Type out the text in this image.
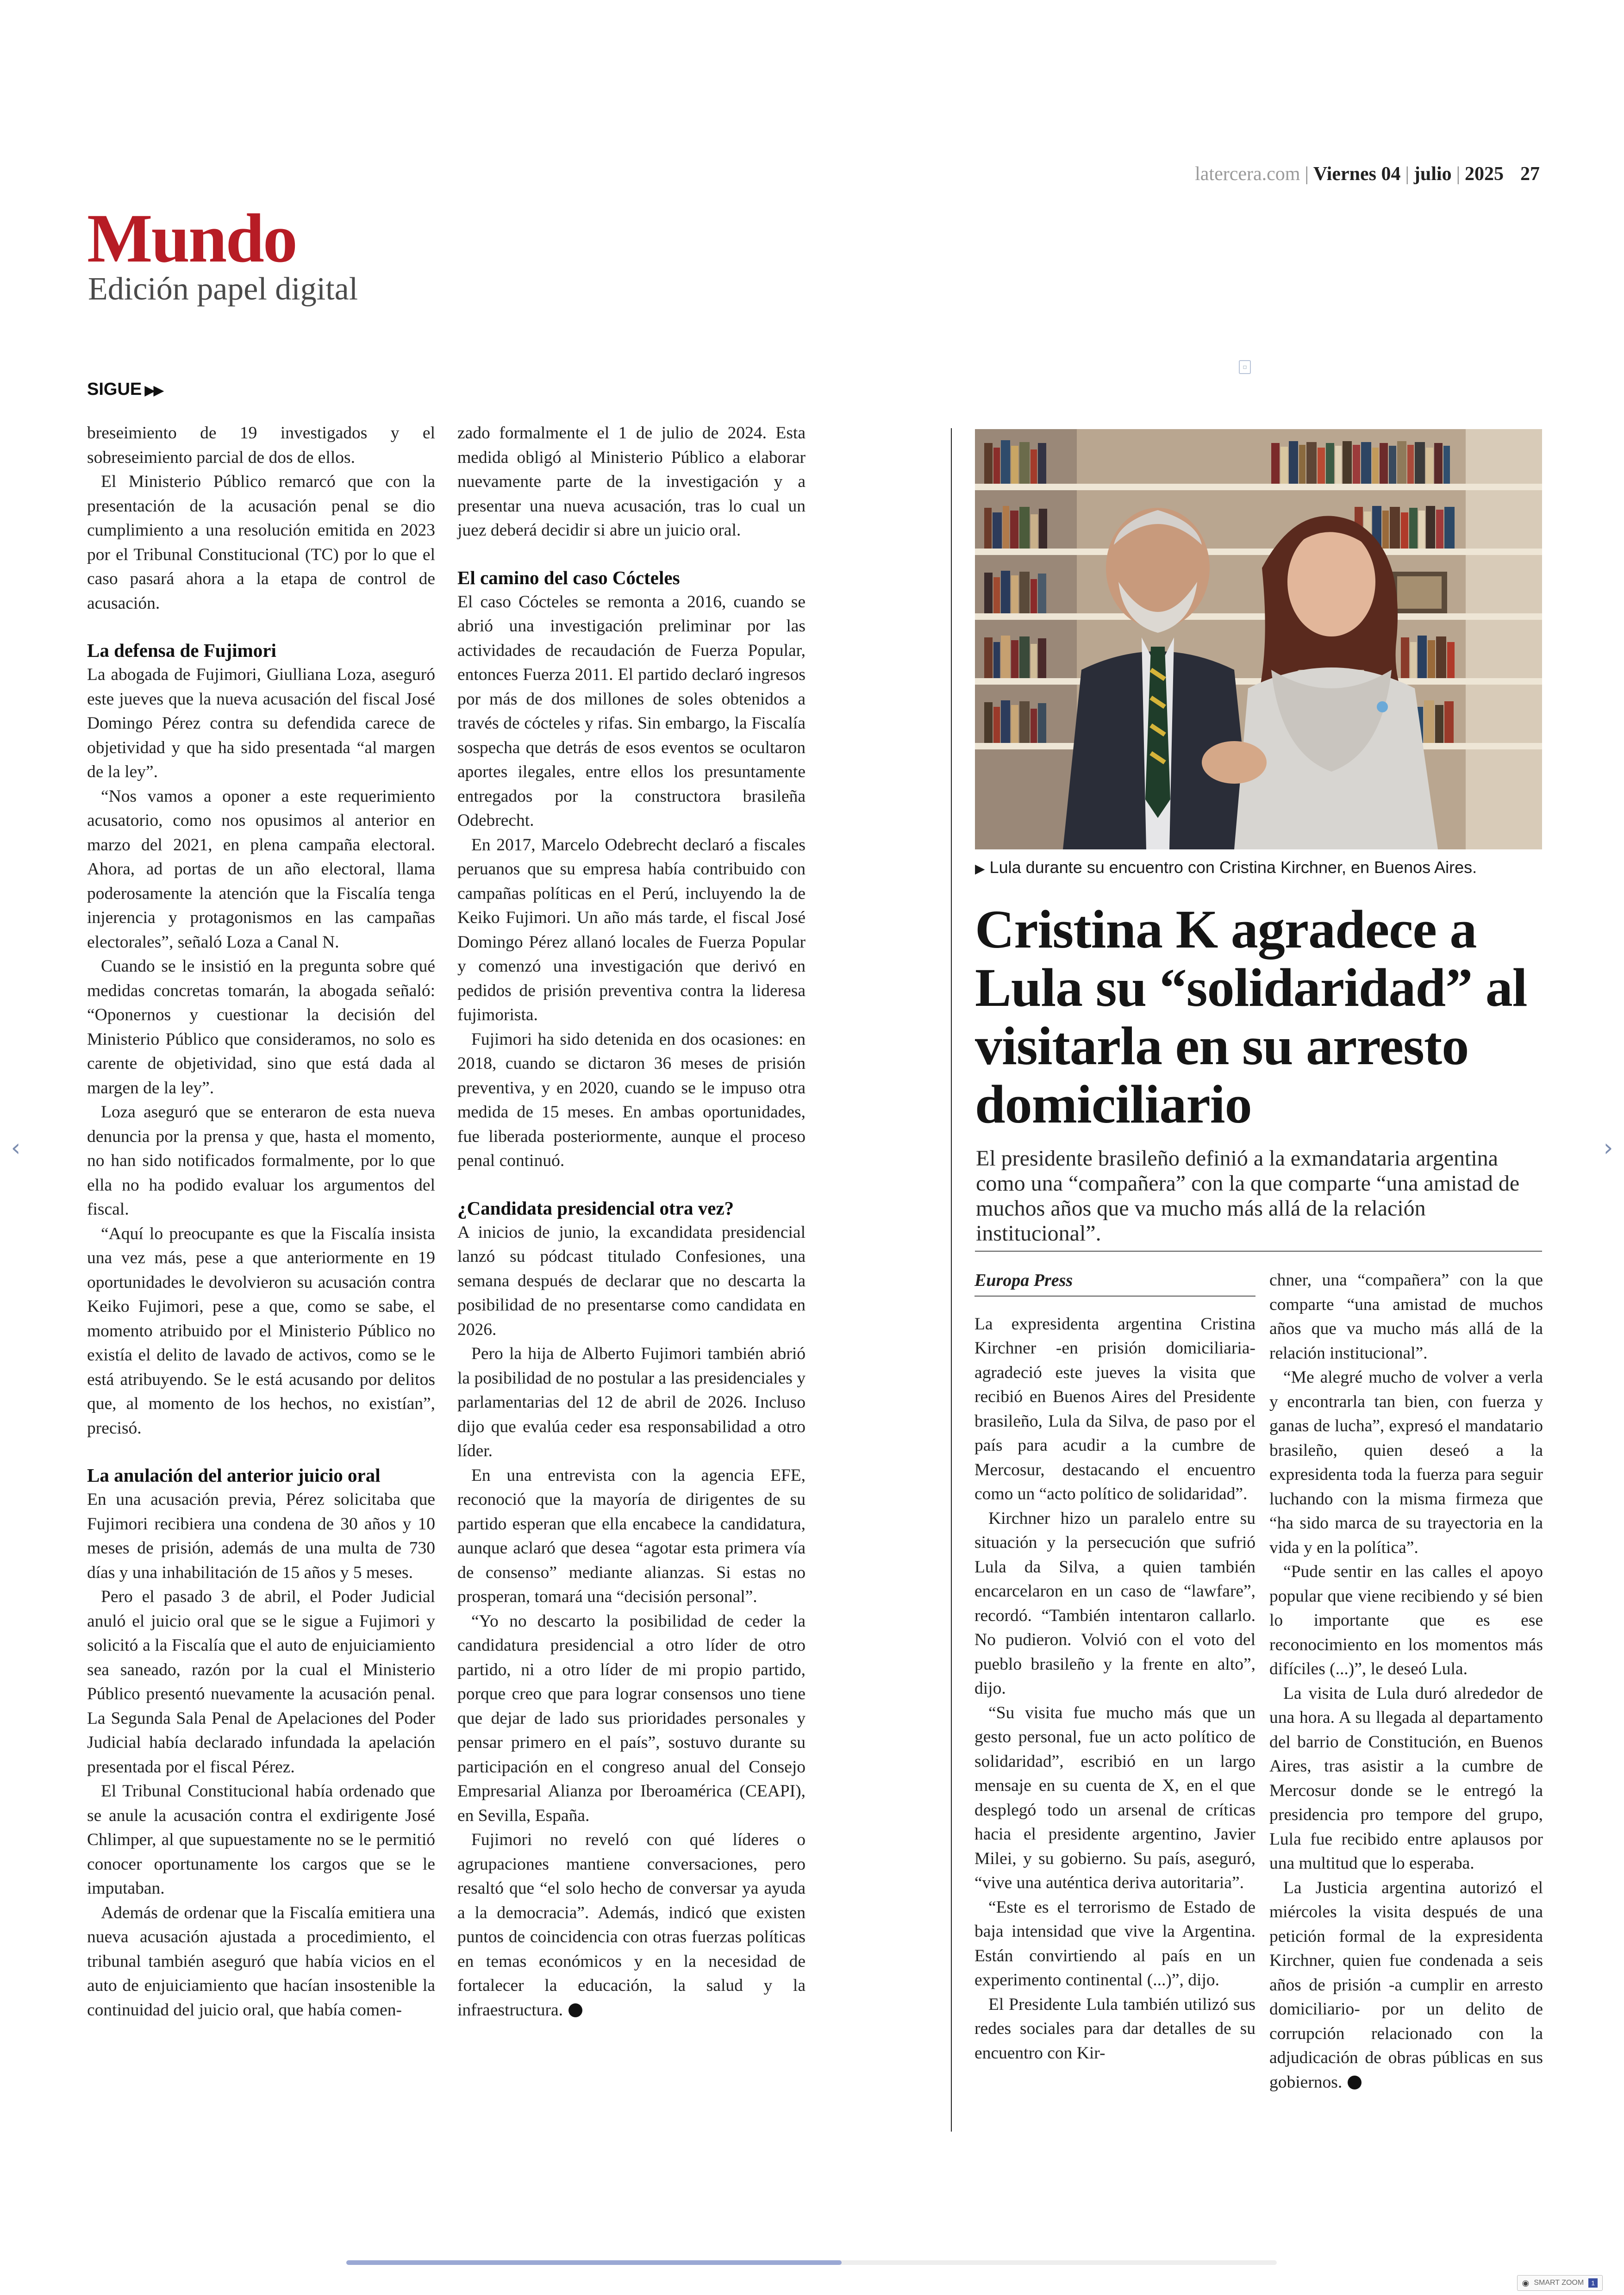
latercera.com | Viernes 04 | julio | 2025 27
Mundo
Edición papel digital
SIGUE ▶▶
▫

breseimiento de 19 investigados y el sobreseimiento parcial de dos de ellos.

El Ministerio Público remarcó que con la presentación de la acusación penal se dio cumplimiento a una resolución emitida en 2023 por el Tribunal Constitucional (TC) por lo que el caso pasará ahora a la etapa de control de acusación.

La defensa de Fujimori

La abogada de Fujimori, Giulliana Loza, aseguró este jueves que la nueva acusación del fiscal José Domingo Pérez contra su defendida carece de objetividad y que ha sido presentada “al margen de la ley”.

“Nos vamos a oponer a este requerimiento acusatorio, como nos opusimos al anterior en marzo del 2021, en plena campaña electoral. Ahora, ad portas de un año electoral, llama poderosamente la atención que la Fiscalía tenga injerencia y protagonismos en las campañas electorales”, señaló Loza a Canal N.

Cuando se le insistió en la pregunta sobre qué medidas concretas tomarán, la abogada señaló: “Oponernos y cuestionar la decisión del Ministerio Público que consideramos, no solo es carente de objetividad, sino que está dada al margen de la ley”.

Loza aseguró que se enteraron de esta nueva denuncia por la prensa y que, hasta el momento, no han sido notificados formalmente, por lo que ella no ha podido evaluar los argumentos del fiscal.

“Aquí lo preocupante es que la Fiscalía insista una vez más, pese a que anteriormente en 19 oportunidades le devolvieron su acusación contra Keiko Fujimori, pese a que, como se sabe, el momento atribuido por el Ministerio Público no existía el delito de lavado de activos, como se le está atribuyendo. Se le está acusando por delitos que, al momento de los hechos, no existían”, precisó.

La anulación del anterior juicio oral

En una acusación previa, Pérez solicitaba que Fujimori recibiera una condena de 30 años y 10 meses de prisión, además de una multa de 730 días y una inhabilitación de 15 años y 5 meses.

Pero el pasado 3 de abril, el Poder Judicial anuló el juicio oral que se le sigue a Fujimori y solicitó a la Fiscalía que el auto de enjuiciamiento sea saneado, razón por la cual el Ministerio Público presentó nuevamente la acusación penal. La Segunda Sala Penal de Apelaciones del Poder Judicial había declarado infundada la apelación presentada por el fiscal Pérez.

El Tribunal Constitucional había ordenado que se anule la acusación contra el exdirigente José Chlimper, al que supuestamente no se le permitió conocer oportunamente los cargos que se le imputaban.

Además de ordenar que la Fiscalía emitiera una nueva acusación ajustada a procedimiento, el tribunal también aseguró que había vicios en el auto de enjuiciamiento que hacían insostenible la continuidad del juicio oral, que había comen-

zado formalmente el 1 de julio de 2024. Esta medida obligó al Ministerio Público a elaborar nuevamente parte de la investigación y a presentar una nueva acusación, tras lo cual un juez deberá decidir si abre un juicio oral.

El camino del caso Cócteles

El caso Cócteles se remonta a 2016, cuando se abrió una investigación preliminar por las actividades de recaudación de Fuerza Popular, entonces Fuerza 2011. El partido declaró ingresos por más de dos millones de soles obtenidos a través de cócteles y rifas. Sin embargo, la Fiscalía sospecha que detrás de esos eventos se ocultaron aportes ilegales, entre ellos los presuntamente entregados por la constructora brasileña Odebrecht.

En 2017, Marcelo Odebrecht declaró a fiscales peruanos que su empresa había contribuido con campañas políticas en el Perú, incluyendo la de Keiko Fujimori. Un año más tarde, el fiscal José Domingo Pérez allanó locales de Fuerza Popular y comenzó una investigación que derivó en pedidos de prisión preventiva contra la lideresa fujimorista.

Fujimori ha sido detenida en dos ocasiones: en 2018, cuando se dictaron 36 meses de prisión preventiva, y en 2020, cuando se le impuso otra medida de 15 meses. En ambas oportunidades, fue liberada posteriormente, aunque el proceso penal continuó.

¿Candidata presidencial otra vez?

A inicios de junio, la excandidata presidencial lanzó su pódcast titulado Confesiones, una semana después de declarar que no descarta la posibilidad de no presentarse como candidata en 2026.

Pero la hija de Alberto Fujimori también abrió la posibilidad de no postular a las presidenciales y parlamentarias del 12 de abril de 2026. Incluso dijo que evalúa ceder esa responsabilidad a otro líder.

En una entrevista con la agencia EFE, reconoció que la mayoría de dirigentes de su partido esperan que ella encabece la candidatura, aunque aclaró que desea “agotar esta primera vía de consenso” mediante alianzas. Si estas no prosperan, tomará una “decisión personal”.

“Yo no descarto la posibilidad de ceder la candidatura presidencial a otro líder de otro partido, ni a otro líder de mi propio partido, porque creo que para lograr consensos uno tiene que dejar de lado sus prioridades personales y pensar primero en el país”, sostuvo durante su participación en el congreso anual del Consejo Empresarial Alianza por Iberoamérica (CEAPI), en Sevilla, España.

Fujimori no reveló con qué líderes o agrupaciones mantiene conversaciones, pero resaltó que “el solo hecho de conversar ya ayuda a la democracia”. Además, indicó que existen puntos de coincidencia con otras fuerzas políticas en temas económicos y en la necesidad de fortalecer la educación, la salud y la infraestructura.

▶ Lula durante su encuentro con Cristina Kirchner, en Buenos Aires.
Cristina K agradece a Lula su “solidaridad” al visitarla en su arresto domiciliario
El presidente brasileño definió a la exmandataria argentina como una “compañera” con la que comparte “una amistad de muchos años que va mucho más allá de la relación institucional”.
Europa Press

La expresidenta argentina Cristina Kirchner -en prisión domiciliaria- agradeció este jueves la visita que recibió en Buenos Aires del Presidente brasileño, Lula da Silva, de paso por el país para acudir a la cumbre de Mercosur, destacando el encuentro como un “acto político de solidaridad”.

Kirchner hizo un paralelo entre su situación y la persecución que sufrió Lula da Silva, a quien también encarcelaron en un caso de “lawfare”, recordó. “También intentaron callarlo. No pudieron. Volvió con el voto del pueblo brasileño y la frente en alto”, dijo.

“Su visita fue mucho más que un gesto personal, fue un acto político de solidaridad”, escribió en un largo mensaje en su cuenta de X, en el que desplegó todo un arsenal de críticas hacia el presidente argentino, Javier Milei, y su gobierno. Su país, aseguró, “vive una auténtica deriva autoritaria”.

“Este es el terrorismo de Estado de baja intensidad que vive la Argentina. Están convirtiendo al país en un experimento continental (...)”, dijo.

El Presidente Lula también utilizó sus redes sociales para dar detalles de su encuentro con Kir-

chner, una “compañera” con la que comparte “una amistad de muchos años que va mucho más allá de la relación institucional”.

“Me alegré mucho de volver a verla y encontrarla tan bien, con fuerza y ganas de lucha”, expresó el mandatario brasileño, quien deseó a la expresidenta toda la fuerza para seguir luchando con la misma firmeza que “ha sido marca de su trayectoria en la vida y en la política”.

“Pude sentir en las calles el apoyo popular que viene recibiendo y sé bien lo importante que es ese reconocimiento en los momentos más difíciles (...)”, le deseó Lula.

La visita de Lula duró alrededor de una hora. A su llegada al departamento del barrio de Constitución, en Buenos Aires, tras asistir a la cumbre de Mercosur donde se le entregó la presidencia pro tempore del grupo, Lula fue recibido entre aplausos por una multitud que lo esperaba.

La Justicia argentina autorizó el miércoles la visita después de una petición formal de la expresidenta Kirchner, quien fue condenada a seis años de prisión -a cumplir en arresto domiciliario- por un delito de corrupción relacionado con la adjudicación de obras públicas en sus gobiernos.

‹	›
◉ SMART ZOOM	1
